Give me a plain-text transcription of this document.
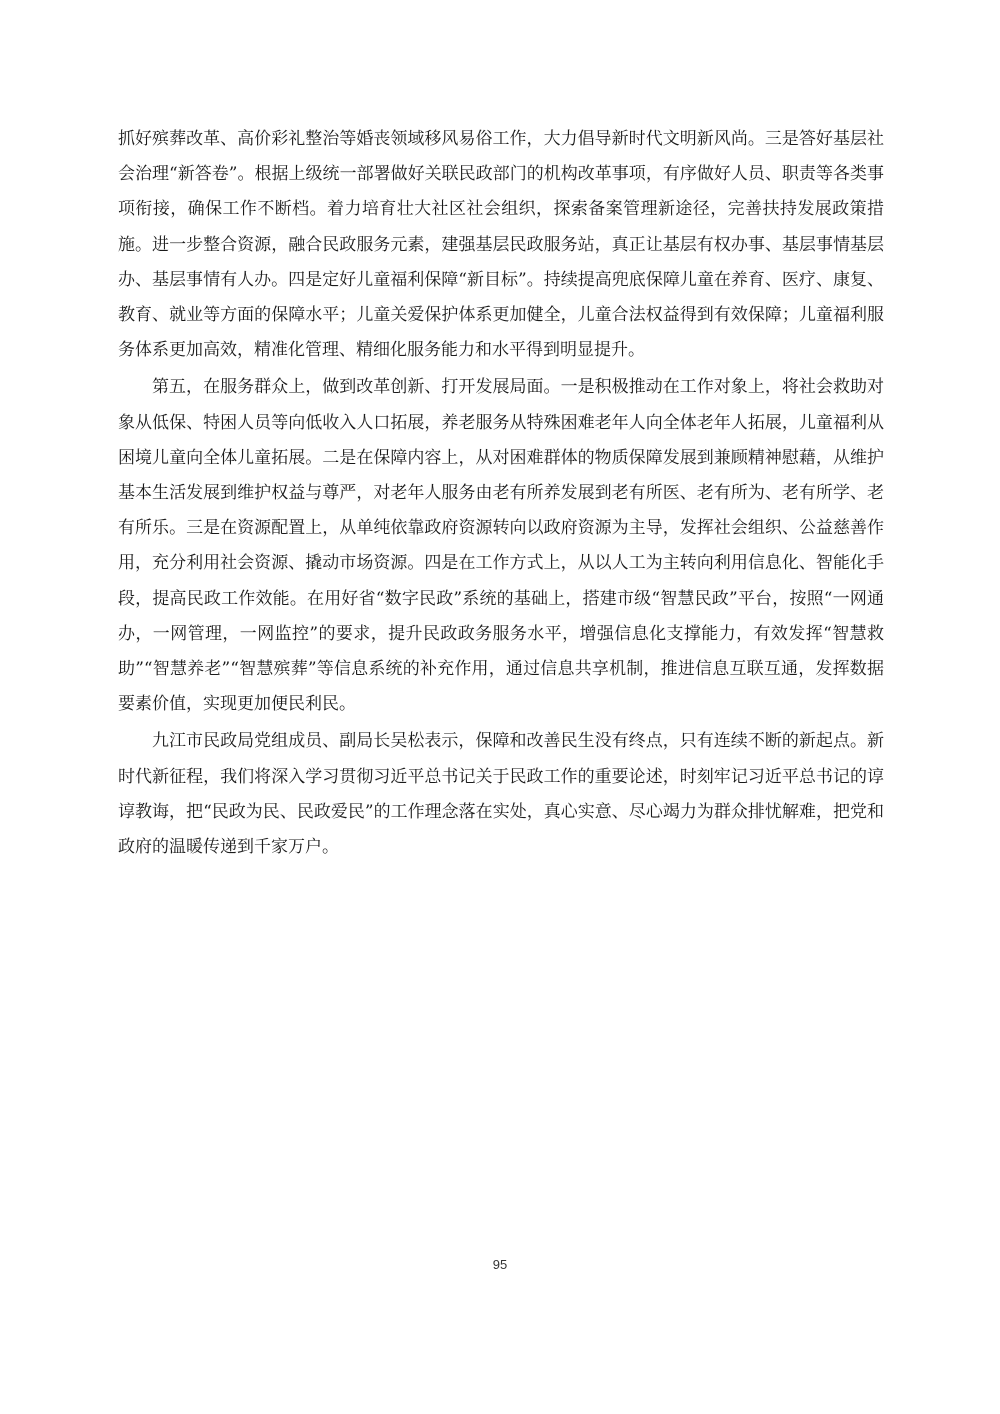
抓好殡葬改革、高价彩礼整治等婚丧领域移风易俗工作，大力倡导新时代文明新风尚。三是答好基层社会治理“新答卷”。根据上级统一部署做好关联民政部门的机构改革事项，有序做好人员、职责等各类事项衔接，确保工作不断档。着力培育壮大社区社会组织，探索备案管理新途径，完善扶持发展政策措施。进一步整合资源，融合民政服务元素，建强基层民政服务站，真正让基层有权办事、基层事情基层办、基层事情有人办。四是定好儿童福利保障“新目标”。持续提高兜底保障儿童在养育、医疗、康复、教育、就业等方面的保障水平；儿童关爱保护体系更加健全，儿童合法权益得到有效保障；儿童福利服务体系更加高效，精准化管理、精细化服务能力和水平得到明显提升。

第五，在服务群众上，做到改革创新、打开发展局面。一是积极推动在工作对象上，将社会救助对象从低保、特困人员等向低收入人口拓展，养老服务从特殊困难老年人向全体老年人拓展，儿童福利从困境儿童向全体儿童拓展。二是在保障内容上，从对困难群体的物质保障发展到兼顾精神慰藉，从维护基本生活发展到维护权益与尊严，对老年人服务由老有所养发展到老有所医、老有所为、老有所学、老有所乐。三是在资源配置上，从单纯依靠政府资源转向以政府资源为主导，发挥社会组织、公益慈善作用，充分利用社会资源、撬动市场资源。四是在工作方式上，从以人工为主转向利用信息化、智能化手段，提高民政工作效能。在用好省“数字民政”系统的基础上，搭建市级“智慧民政”平台，按照“一网通办，一网管理，一网监控”的要求，提升民政政务服务水平，增强信息化支撑能力，有效发挥“智慧救助”“智慧养老”“智慧殡葬”等信息系统的补充作用，通过信息共享机制，推进信息互联互通，发挥数据要素价值，实现更加便民利民。

九江市民政局党组成员、副局长吴松表示，保障和改善民生没有终点，只有连续不断的新起点。新时代新征程，我们将深入学习贯彻习近平总书记关于民政工作的重要论述，时刻牢记习近平总书记的谆谆教诲，把“民政为民、民政爱民”的工作理念落在实处，真心实意、尽心竭力为群众排忧解难，把党和政府的温暖传递到千家万户。

95
